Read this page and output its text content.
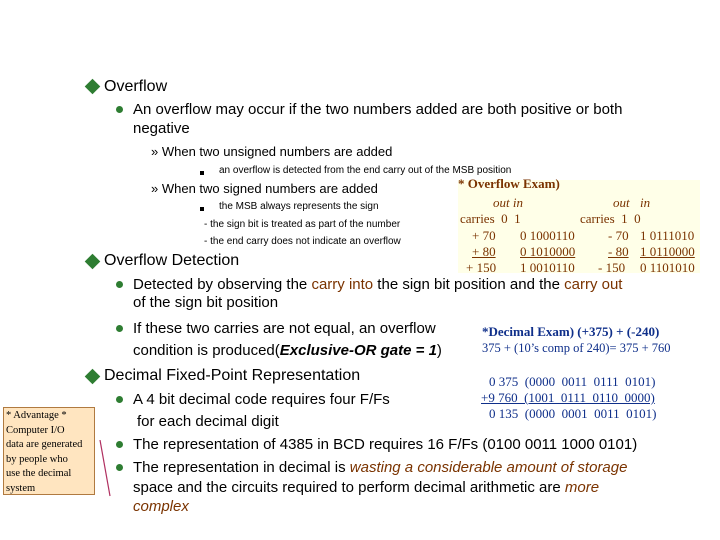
Overflow
An overflow may occur if the two numbers added are both positive or both
negative
» When two unsigned numbers are added
an overflow is detected from the end carry out of the MSB position
» When two signed numbers are added
the MSB always represents the sign
- the sign bit is treated as part of the number
- the end carry does not indicate an overflow
* Overflow Exam)
out in	out in
carries  0  1	carries  1  0
+ 70 0 1000110	- 70 1 0111010
+ 80 0 1010000	- 80 1 0110000
+ 150 1 0010110 - 150 0 1101010
Overflow Detection
Detected by observing the carry into the sign bit position and the carry out
of the sign bit position
If these two carries are not equal, an overflow
condition is produced(Exclusive-OR gate = 1)
*Decimal Exam) (+375) + (-240)
375 + (10’s comp of 240)= 375 + 760
0 375  (0000  0011  0111  0101)
+9 760  (1001  0111  0110  0000)
0 135  (0000  0001  0011  0101)
Decimal Fixed-Point Representation
A 4 bit decimal code requires four F/Fs
for each decimal digit
The representation of 4385 in BCD requires 16 F/Fs (0100 0011 1000 0101)
The representation in decimal is wasting a considerable amount of storage
space and the circuits required to perform decimal arithmetic are more
complex
* Advantage *
Computer I/O
data are generated
by people who
use the decimal
system
